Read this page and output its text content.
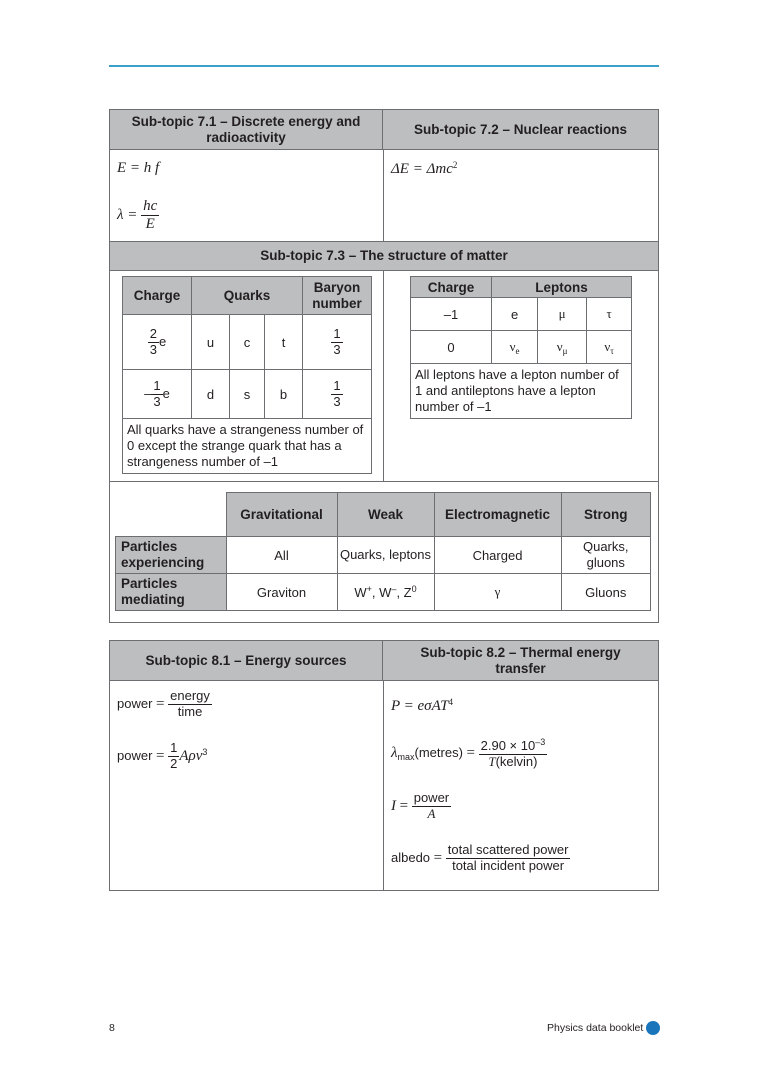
Sub-topic 7.1 – Discrete energy and radioactivity
Sub-topic 7.2 – Nuclear reactions
E = h f
$\lambda = \frac{hc}{E}$
ΔE = Δmc$^2$
Sub-topic 7.3 – The structure of matter
Charge	Quarks			Baryon number

$\frac{2}{3}$ e	u	c	t	$\frac{1}{3}$

– $\frac{1}{3}$ e	d	s	b	$\frac{1}{3}$

All quarks have a strangeness number of 0 except the strange quark that has a strangeness number of –1				
Charge	Leptons		
–1	e	μ	τ
0	$\nu_e$	$\nu_\mu$	$\nu_\tau$
All leptons have a lepton number of 1 and antileptons have a lepton number of –1			
	Gravitational	Weak	Electromagnetic	Strong
Particles experiencing	All	Quarks, leptons	Charged	Quarks, gluons
Particles mediating	Graviton	W+, W–, $Z^0$	γ	Gluons
Sub-topic 8.1 – Energy sources
Sub-topic 8.2 – Thermal energy transfer
power = $\frac{\text{energy}}{\text{time}}$
power = $\frac{1}{2} A\rho v^3$
P = eσAT$^4$
$\lambda_{max}(metres) = \frac{2.90 \times 10^{-3}}{\text{T(kelvin)}}$
$I = \frac{\text{power}}{A}$
albedo = $\frac{\text{total scattered power}}{\text{total incident power}}$
8	Physics data booklet
